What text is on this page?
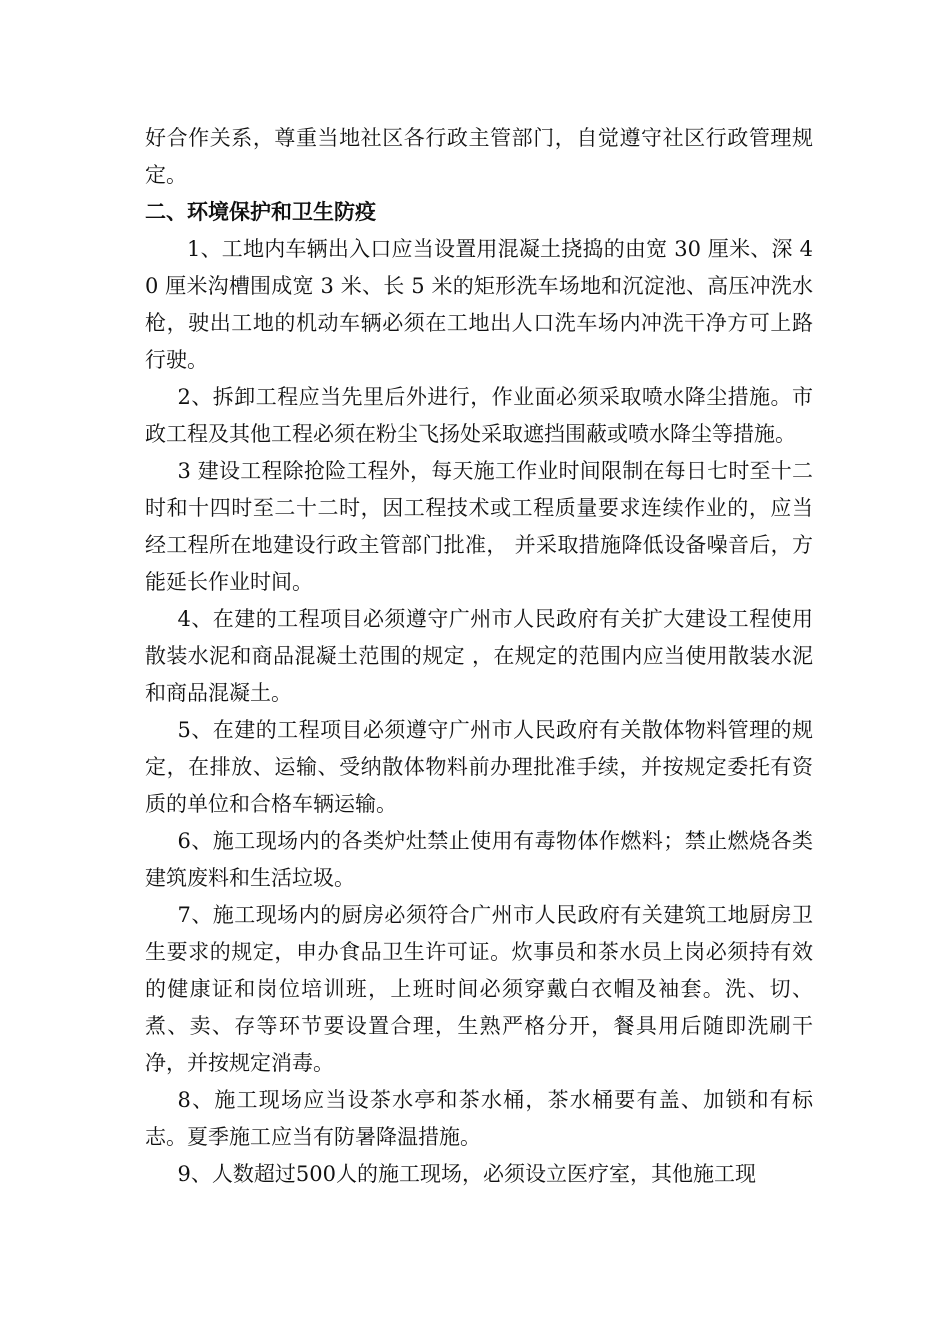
好合作关系，尊重当地社区各行政主管部门，自觉遵守社区行政管理规定。

二、环境保护和卫生防疫

1、工地内车辆出入口应当设置用混凝土挠捣的由宽 30 厘米、深 40 厘米沟槽围成宽 3 米、长 5 米的矩形洗车场地和沉淀池、高压冲洗水枪，驶出工地的机动车辆必须在工地出人口洗车场内冲洗干净方可上路行驶。

2、拆卸工程应当先里后外进行，作业面必须采取喷水降尘措施。市政工程及其他工程必须在粉尘飞扬处采取遮挡围蔽或喷水降尘等措施。

3 建设工程除抢险工程外，每天施工作业时间限制在每日七时至十二时和十四时至二十二时，因工程技术或工程质量要求连续作业的，应当经工程所在地建设行政主管部门批准， 并采取措施降低设备噪音后，方能延长作业时间。

4、在建的工程项目必须遵守广州市人民政府有关扩大建设工程使用散装水泥和商品混凝土范围的规定 ，在规定的范围内应当使用散装水泥和商品混凝土。

5、在建的工程项目必须遵守广州市人民政府有关散体物料管理的规定，在排放、运输、受纳散体物料前办理批准手续，并按规定委托有资质的单位和合格车辆运输。

6、施工现场内的各类炉灶禁止使用有毒物体作燃料；禁止燃烧各类建筑废料和生活垃圾。

7、施工现场内的厨房必须符合广州市人民政府有关建筑工地厨房卫生要求的规定，申办食品卫生许可证。炊事员和茶水员上岗必须持有效的健康证和岗位培训班，上班时间必须穿戴白衣帽及袖套。洗、切、煮、卖、存等环节要设置合理，生熟严格分开，餐具用后随即洗刷干净，并按规定消毒。

8、施工现场应当设茶水亭和茶水桶，茶水桶要有盖、加锁和有标志。夏季施工应当有防暑降温措施。

9、人数超过500人的施工现场，必须设立医疗室，其他施工现
